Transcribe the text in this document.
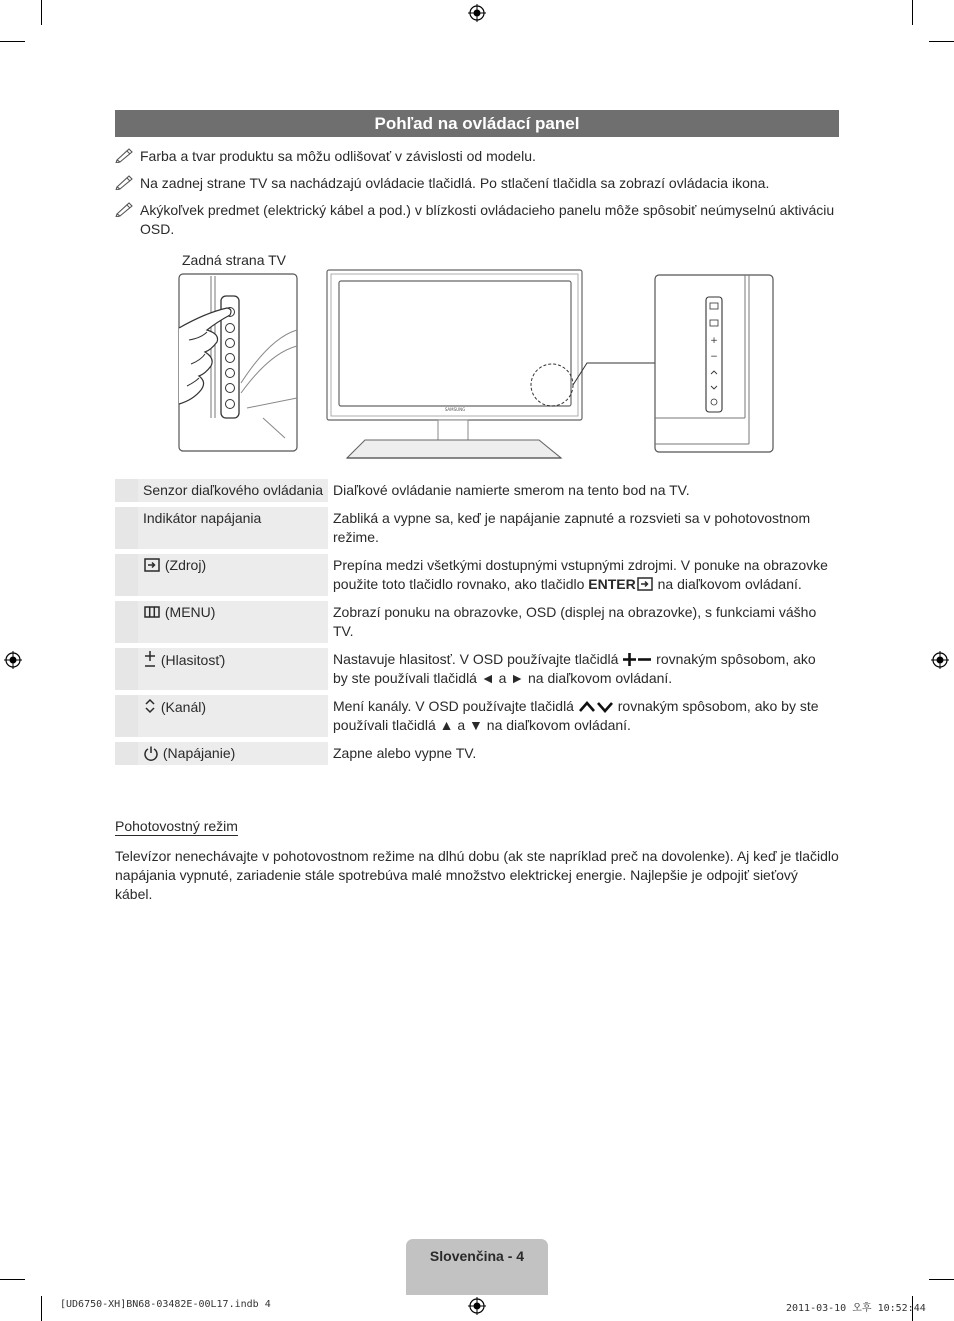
Pohľad na ovládací panel
Farba a tvar produktu sa môžu odlišovať v závislosti od modelu.
Na zadnej strane TV sa nachádzajú ovládacie tlačidlá. Po stlačení tlačidla sa zobrazí ovládacia ikona.
Akýkoľvek predmet (elektrický kábel a pod.) v blízkosti ovládacieho panelu môže spôsobiť neúmyselnú aktiváciu OSD.
Zadná strana TV
SAMSUNG
+
−
	Senzor diaľkového ovládania	Diaľkové ovládanie namierte smerom na tento bod na TV.
	Indikátor napájania	Zabliká a vypne sa, keď je napájanie zapnuté a rozsvieti sa v pohotovostnom režime.
	(Zdroj)	Prepína medzi všetkými dostupnými vstupnými zdrojmi. V ponuke na obrazovke použite toto tlačidlo rovnako, ako tlačidlo ENTER na diaľkovom ovládaní.
	(MENU)	Zobrazí ponuku na obrazovke, OSD (displej na obrazovke), s funkciami vášho TV.
	(Hlasitosť)	Nastavuje hlasitosť. V OSD používajte tlačidlá rovnakým spôsobom, ako by ste používali tlačidlá ◄ a ► na diaľkovom ovládaní.
	(Kanál)	Mení kanály. V OSD používajte tlačidlá rovnakým spôsobom, ako by ste používali tlačidlá ▲ a ▼ na diaľkovom ovládaní.
	(Napájanie)	Zapne alebo vypne TV.
Pohotovostný režim
Televízor nenechávajte v pohotovostnom režime na dlhú dobu (ak ste napríklad preč na dovolenke). Aj keď je tlačidlo napájania vypnuté, zariadenie stále spotrebúva malé množstvo elektrickej energie. Najlepšie je odpojiť sieťový kábel.
Slovenčina - 4
[UD6750-XH]BN68-03482E-00L17.indb 4	2011-03-10 오후 10:52:44
